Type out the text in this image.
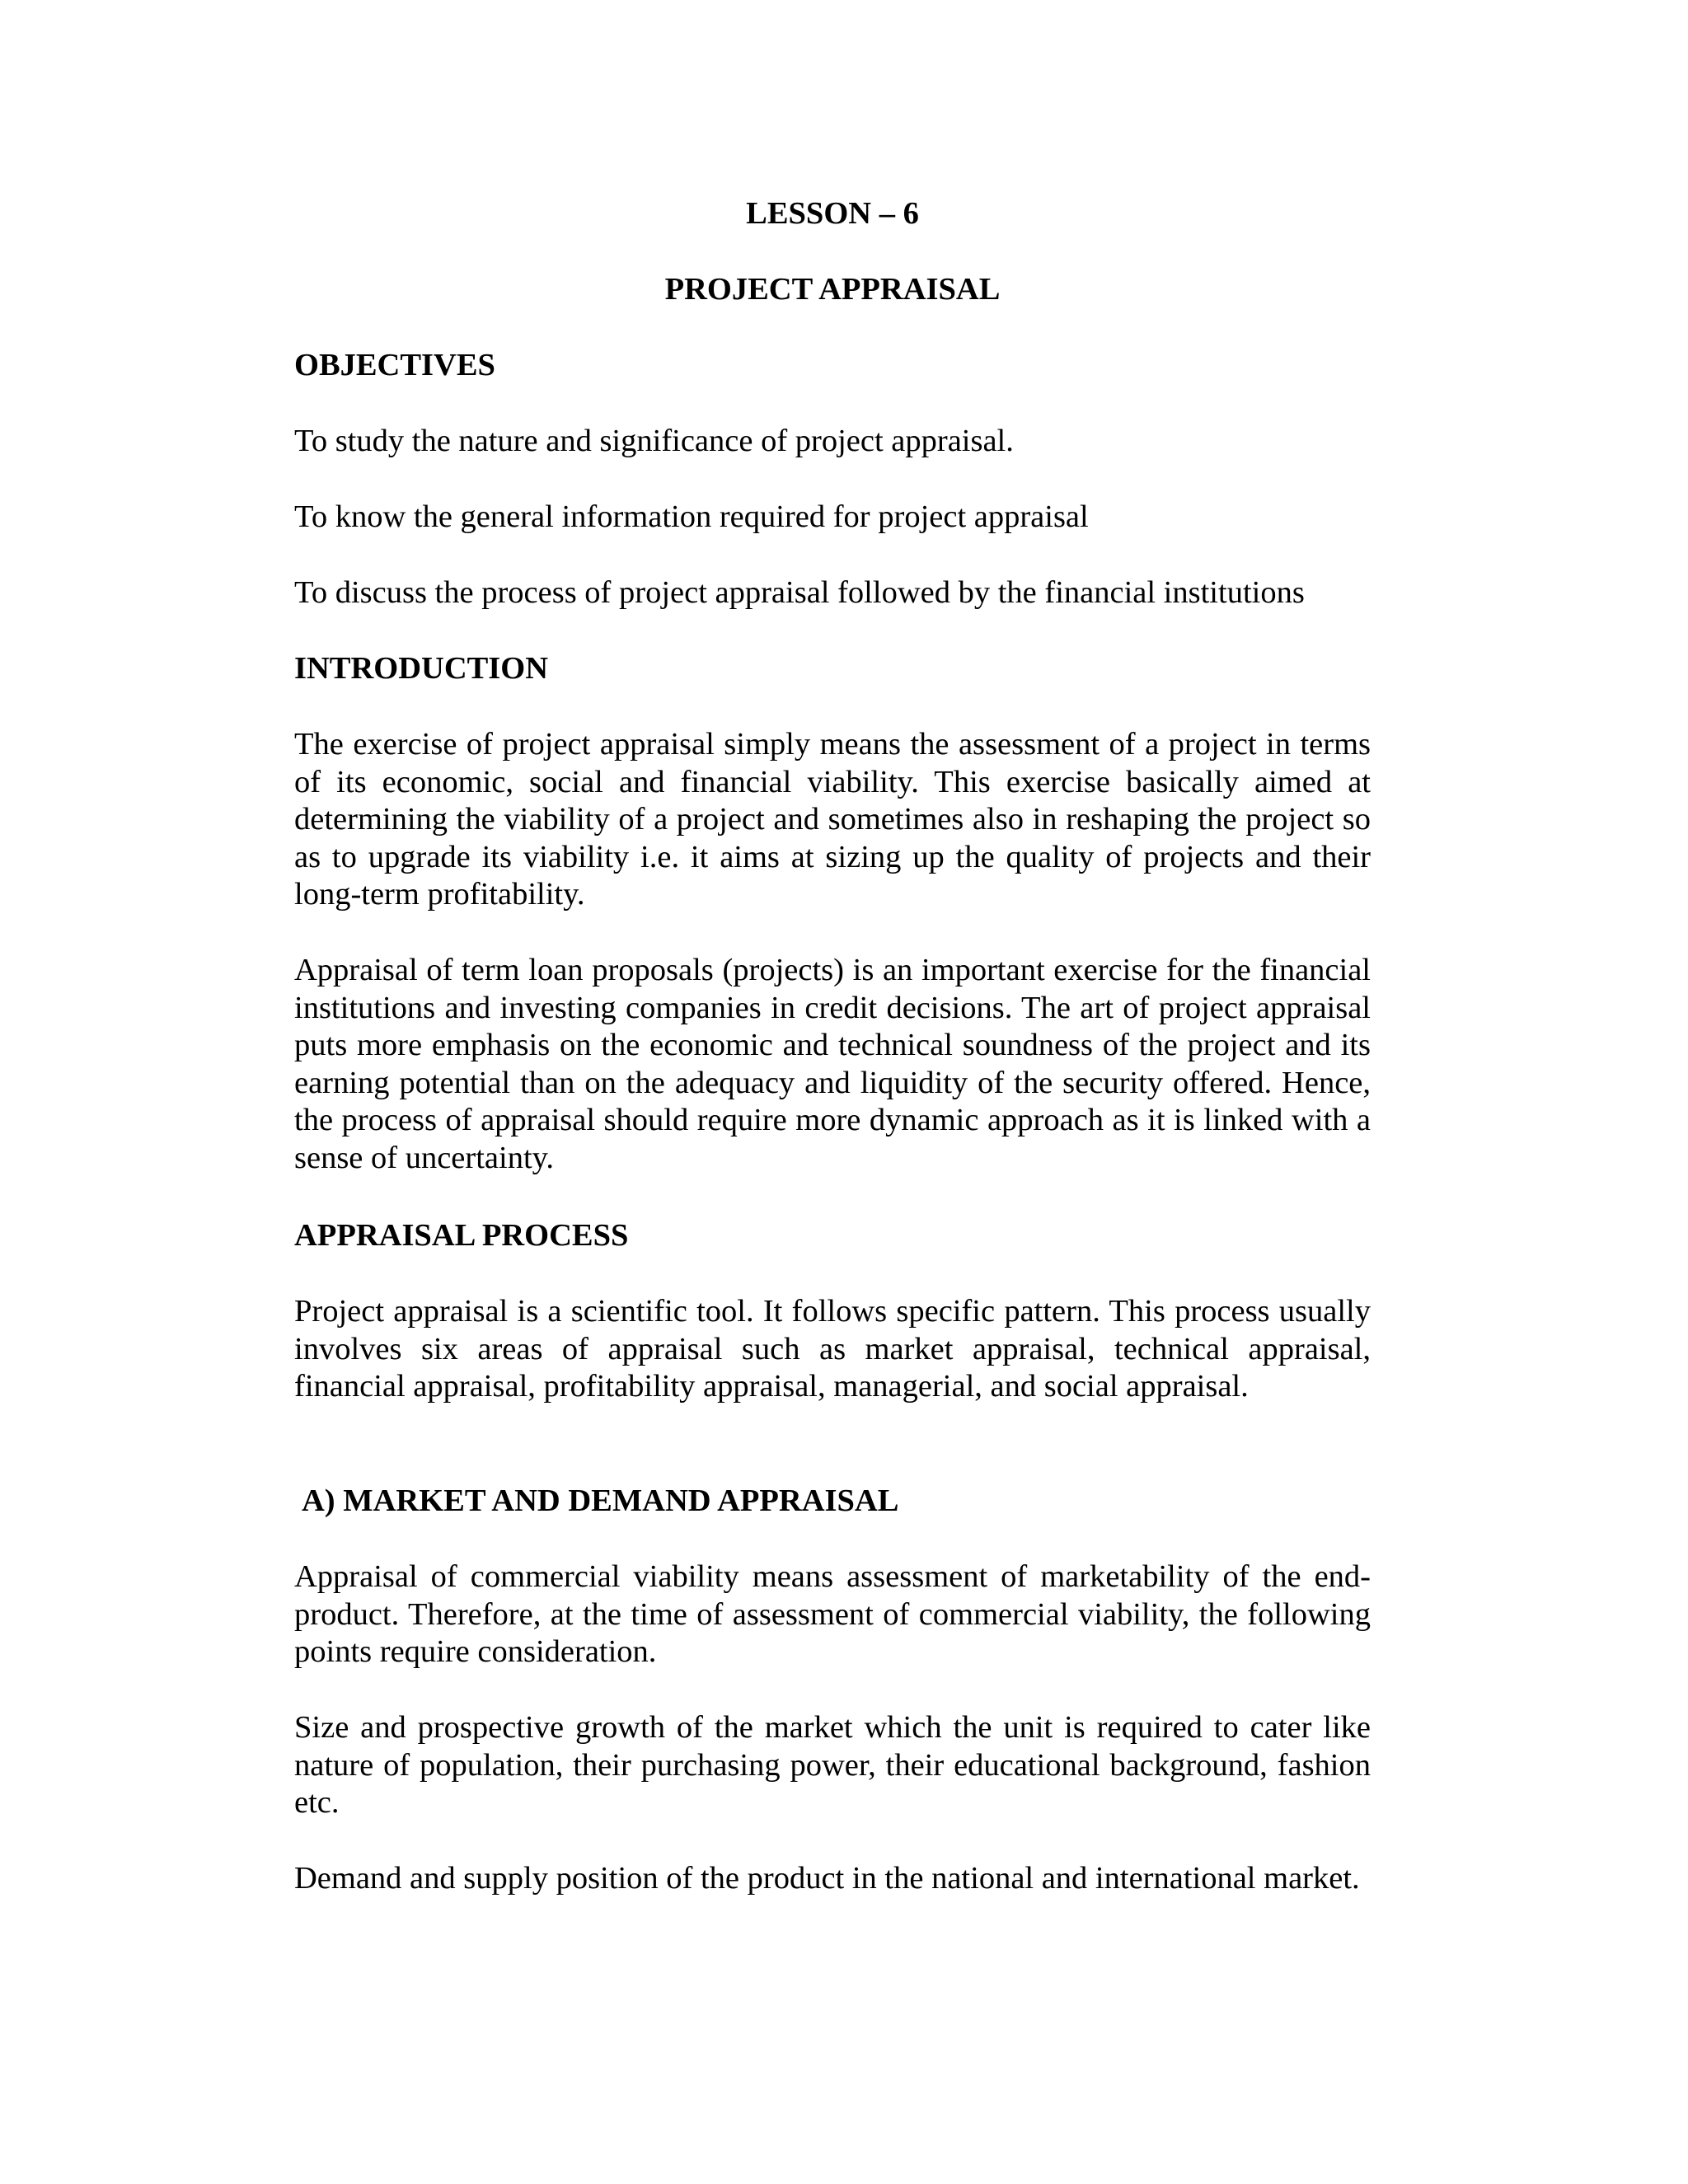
LESSON – 6
PROJECT APPRAISAL
OBJECTIVES

To study the nature and significance of project appraisal.

To know the general information required for project appraisal

To discuss the process of project appraisal followed by the financial institutions

INTRODUCTION

The exercise of project appraisal simply means the assessment of a project in terms of its economic, social and financial viability. This exercise basically aimed at determining the viability of a project and sometimes also in reshaping the project so as to upgrade its viability i.e. it aims at sizing up the quality of projects and their long-term profitability.

Appraisal of term loan proposals (projects) is an important exercise for the financial institutions and investing companies in credit decisions. The art of project appraisal puts more emphasis on the economic and technical soundness of the project and its earning potential than on the adequacy and liquidity of the security offered. Hence, the process of appraisal should require more dynamic approach as it is linked with a sense of uncertainty.

APPRAISAL PROCESS

Project appraisal is a scientific tool. It follows specific pattern. This process usually involves six areas of appraisal such as market appraisal, technical appraisal, financial appraisal, profitability appraisal, managerial, and social appraisal.

A) MARKET AND DEMAND APPRAISAL

Appraisal of commercial viability means assessment of marketability of the end-product. Therefore, at the time of assessment of commercial viability, the following points require consideration.

Size and prospective growth of the market which the unit is required to cater like nature of population, their purchasing power, their educational background, fashion etc.

Demand and supply position of the product in the national and international market.
